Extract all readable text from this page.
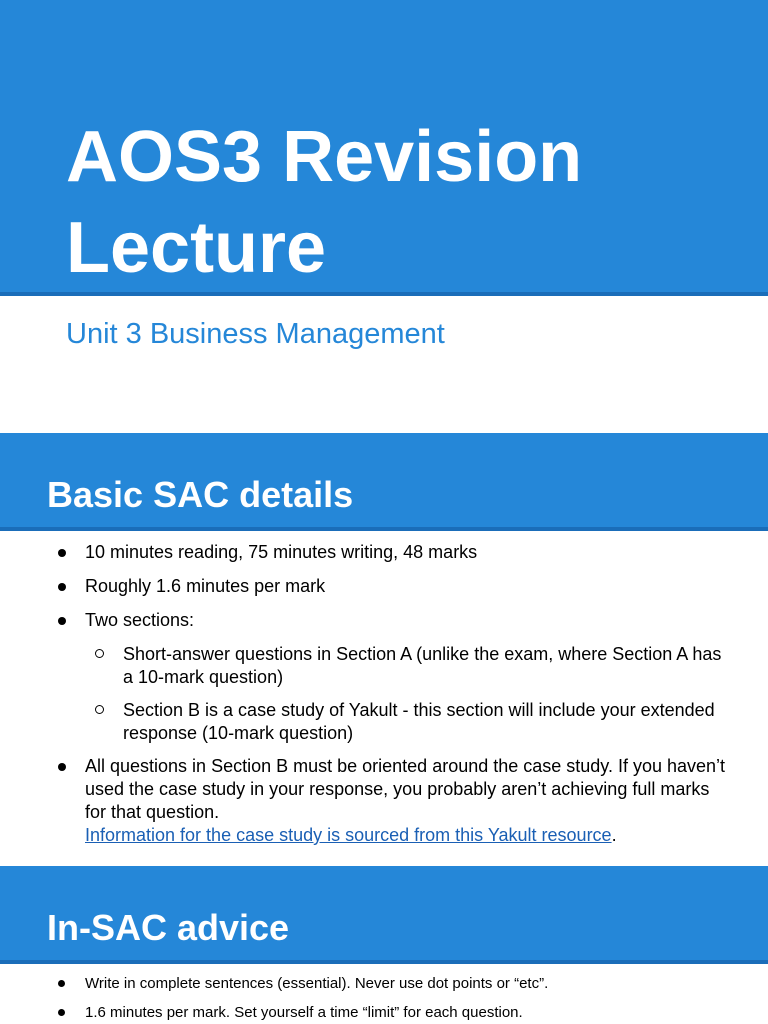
AOS3 Revision Lecture
Unit 3 Business Management
Basic SAC details
10 minutes reading, 75 minutes writing, 48 marks
Roughly 1.6 minutes per mark
Two sections:
Short-answer questions in Section A (unlike the exam, where Section A has a 10-mark question)
Section B is a case study of Yakult - this section will include your extended response (10-mark question)
All questions in Section B must be oriented around the case study. If you haven’t used the case study in your response, you probably aren’t achieving full marks for that question.
Information for the case study is sourced from this Yakult resource.
In-SAC advice
Write in complete sentences (essential). Never use dot points or “etc”.
1.6 minutes per mark. Set yourself a time “limit” for each question.
